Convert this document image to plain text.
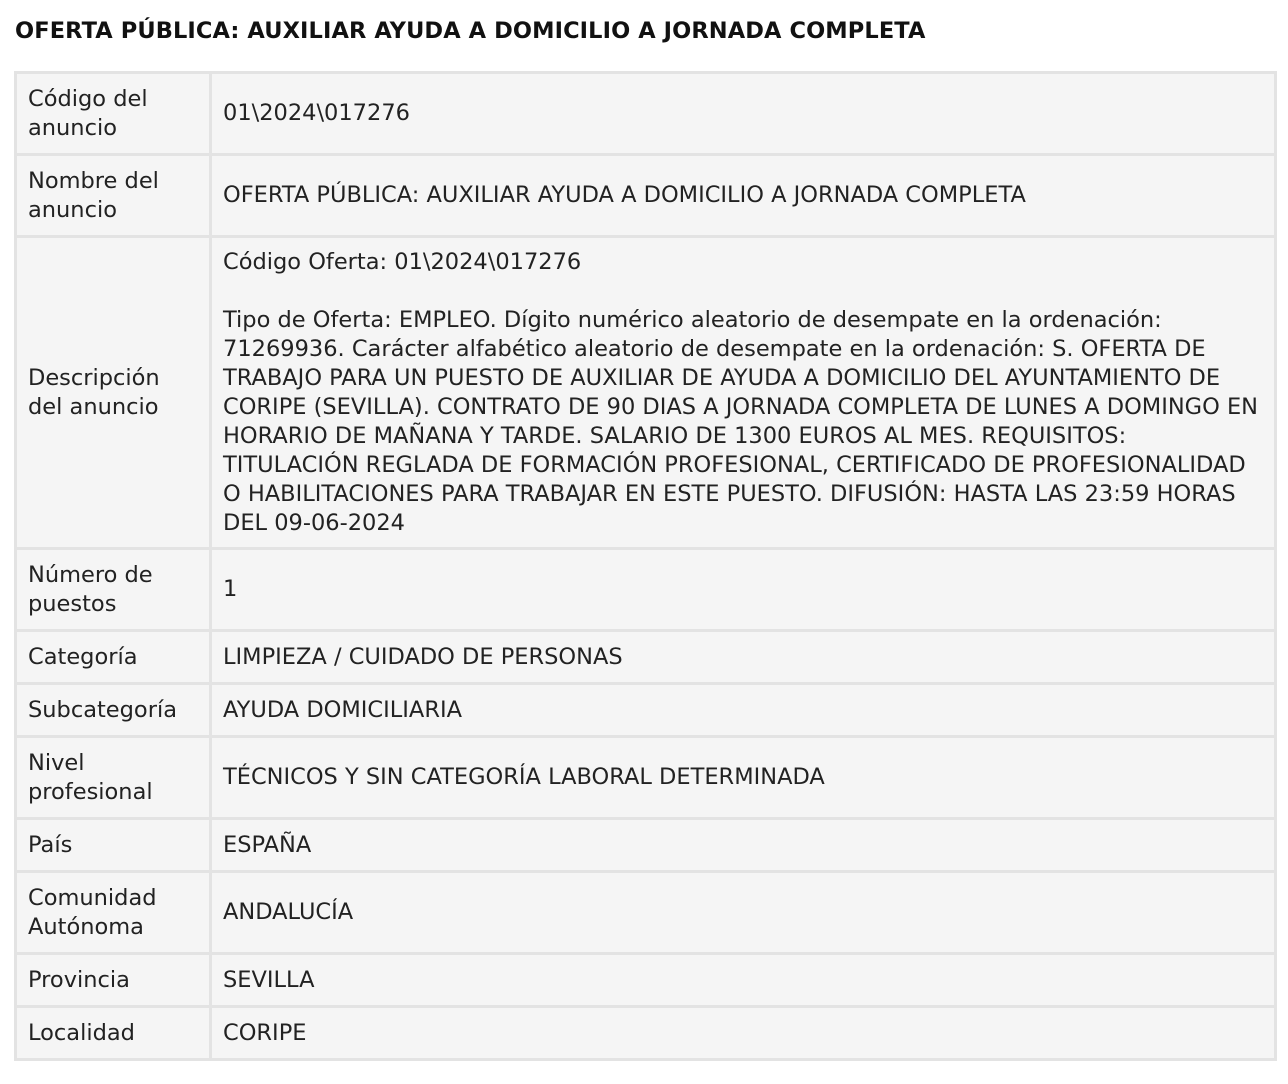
OFERTA PÚBLICA: AUXILIAR AYUDA A DOMICILIO A JORNADA COMPLETA
Código del anuncio	01\2024\017276
Nombre del anuncio	OFERTA PÚBLICA: AUXILIAR AYUDA A DOMICILIO A JORNADA COMPLETA
Descripción del anuncio	Código Oferta: 01\2024\017276

Tipo de Oferta: EMPLEO. Dígito numérico aleatorio de desempate en la ordenación: 71269936. Carácter alfabético aleatorio de desempate en la ordenación: S. OFERTA DE TRABAJO PARA UN PUESTO DE AUXILIAR DE AYUDA A DOMICILIO DEL AYUNTAMIENTO DE CORIPE (SEVILLA). CONTRATO DE 90 DIAS A JORNADA COMPLETA DE LUNES A DOMINGO EN HORARIO DE MAÑANA Y TARDE. SALARIO DE 1300 EUROS AL MES. REQUISITOS: TITULACIÓN REGLADA DE FORMACIÓN PROFESIONAL, CERTIFICADO DE PROFESIONALIDAD O HABILITACIONES PARA TRABAJAR EN ESTE PUESTO. DIFUSIÓN: HASTA LAS 23:59 HORAS DEL 09-06-2024

Número de puestos	1
Categoría	LIMPIEZA / CUIDADO DE PERSONAS
Subcategoría	AYUDA DOMICILIARIA
Nivel profesional	TÉCNICOS Y SIN CATEGORÍA LABORAL DETERMINADA
País	ESPAÑA
Comunidad Autónoma	ANDALUCÍA
Provincia	SEVILLA
Localidad	CORIPE
